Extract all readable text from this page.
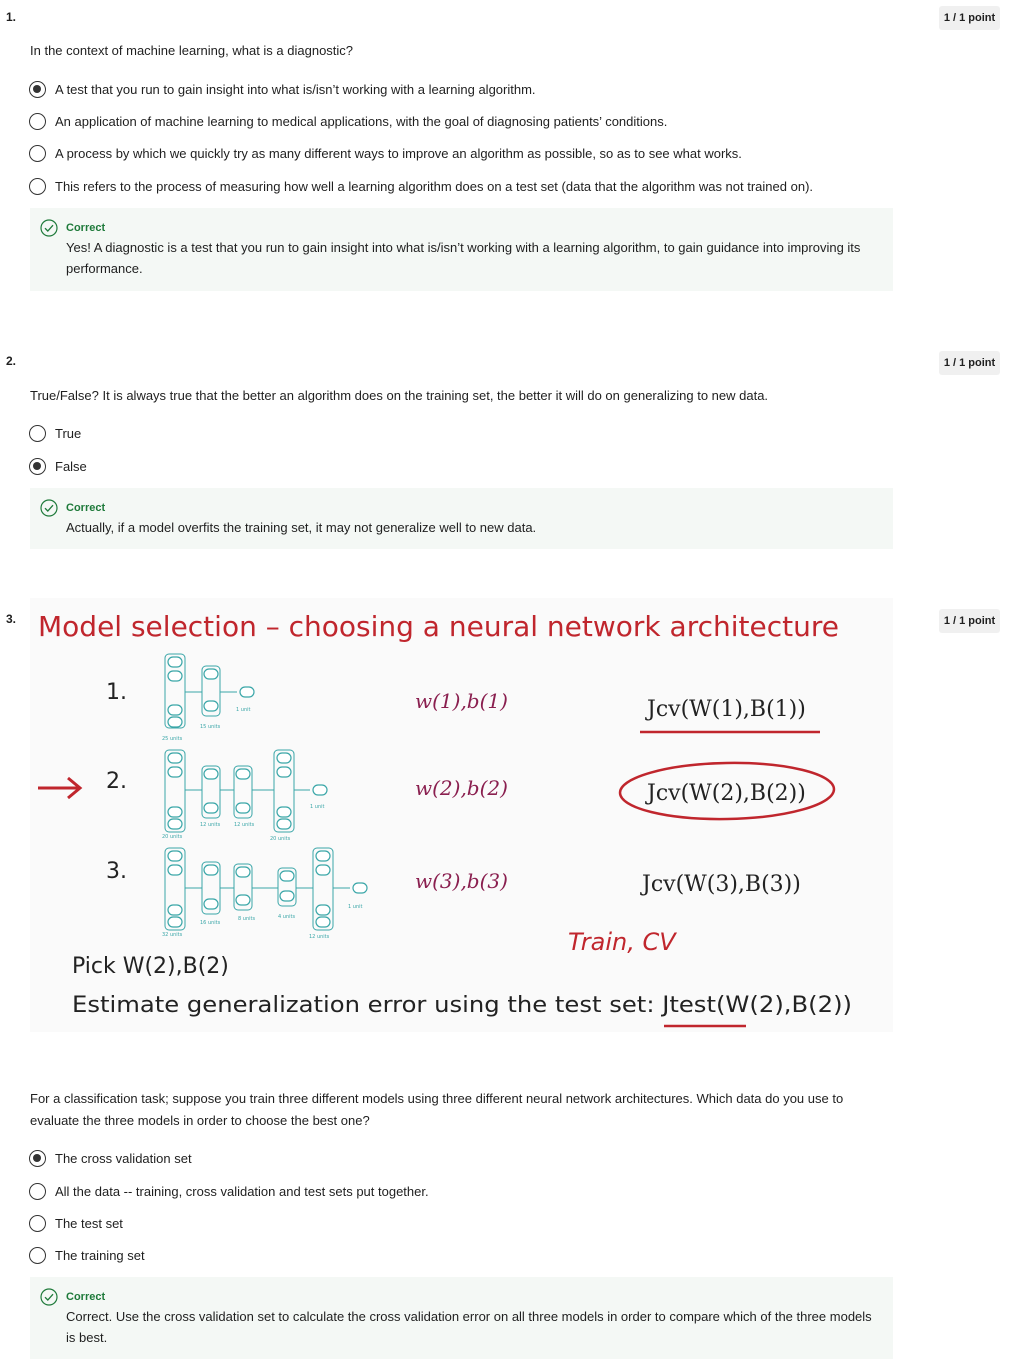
1.	1 / 1 point
In the context of machine learning, what is a diagnostic?
A test that you run to gain insight into what is/isn’t working with a learning algorithm.
An application of machine learning to medical applications, with the goal of diagnosing patients’ conditions.
A process by which we quickly try as many different ways to improve an algorithm as possible, so as to see what works.
This refers to the process of measuring how well a learning algorithm does on a test set (data that the algorithm was not trained on).
Correct
Yes! A diagnostic is a test that you run to gain insight into what is/isn’t working with a learning algorithm, to gain guidance into improving its performance.
2.	1 / 1 point
True/False? It is always true that the better an algorithm does on the training set, the better it will do on generalizing to new data.
True
False
Correct
Actually, if a model overfits the training set, it may not generalize well to new data.
3.	1 / 1 point
Model selection – choosing a neural network architecture
1.
25 units
15 units
1 unit	w(1),b(1)	Jcv(W(1),B(1))
2.
20 units
12 units	12 units
20 units
1 unit
w(2),b(2)	Jcv(W(2),B(2))
3.
32 units
16 units
8 units	4 units
12 units
1 unit
w(3),b(3)	Jcv(W(3),B(3))
Train, CV
Pick W(2),B(2)
Estimate generalization error using the test set: Jtest(W(2),B(2))
For a classification task; suppose you train three different models using three different neural network architectures. Which data do you use to evaluate the three models in order to choose the best one?
The cross validation set
All the data -- training, cross validation and test sets put together.
The test set
The training set
Correct
Correct. Use the cross validation set to calculate the cross validation error on all three models in order to compare which of the three models is best.
